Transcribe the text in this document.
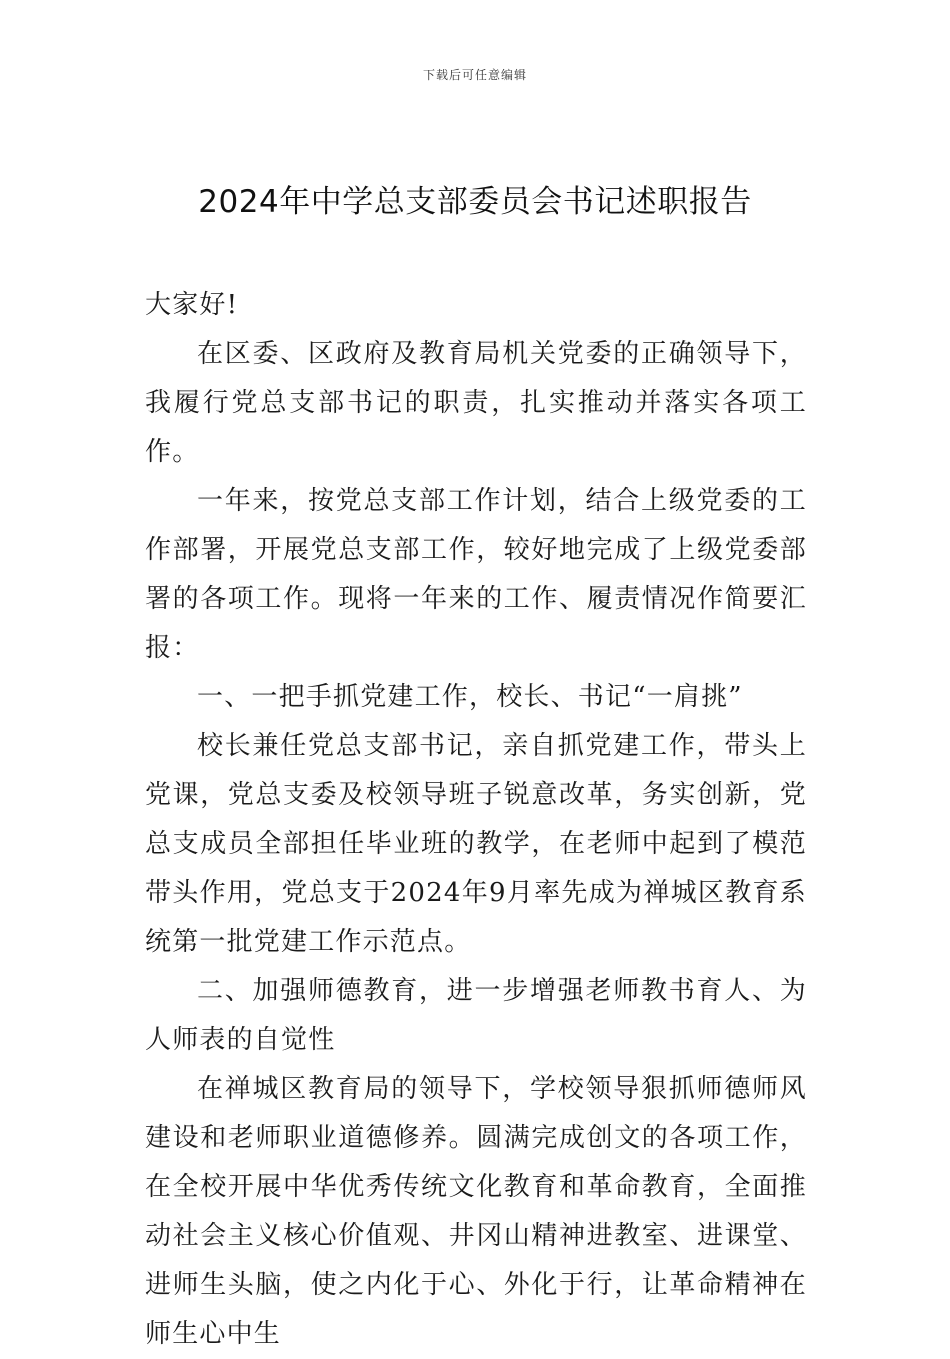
下载后可任意编辑
2024年中学总支部委员会书记述职报告

大家好!

在区委、区政府及教育局机关党委的正确领导下，我履行党总支部书记的职责，扎实推动并落实各项工作。

一年来，按党总支部工作计划，结合上级党委的工作部署，开展党总支部工作，较好地完成了上级党委部署的各项工作。现将一年来的工作、履责情况作简要汇报：

一、一把手抓党建工作，校长、书记“一肩挑”

校长兼任党总支部书记，亲自抓党建工作，带头上党课，党总支委及校领导班子锐意改革，务实创新，党总支成员全部担任毕业班的教学，在老师中起到了模范带头作用，党总支于2024年9月率先成为禅城区教育系统第一批党建工作示范点。

二、加强师德教育，进一步增强老师教书育人、为人师表的自觉性

在禅城区教育局的领导下，学校领导狠抓师德师风建设和老师职业道德修养。圆满完成创文的各项工作，在全校开展中华优秀传统文化教育和革命教育，全面推动社会主义核心价值观、井冈山精神进教室、进课堂、进师生头脑，使之内化于心、外化于行，让革命精神在师生心中生
